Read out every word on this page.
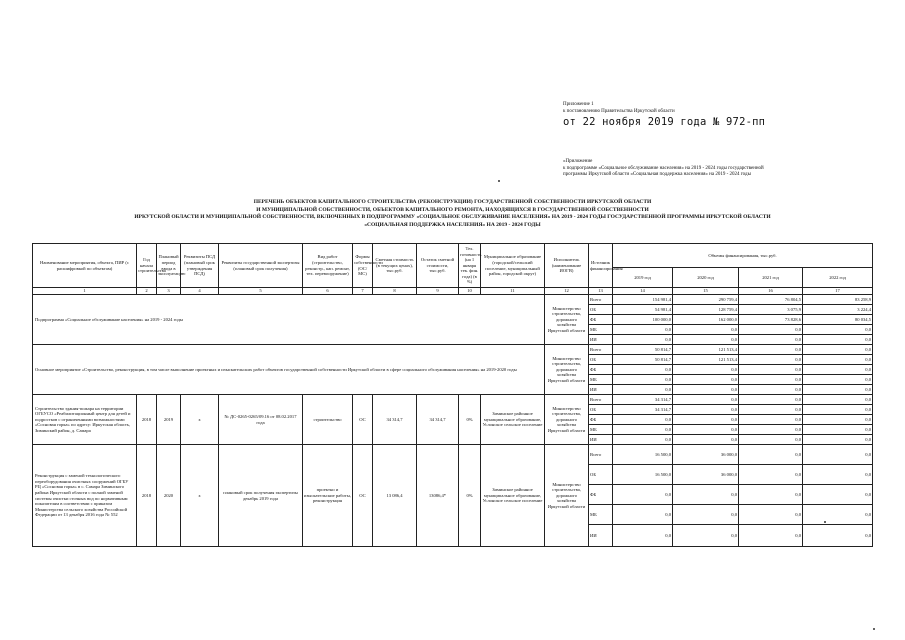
Приложение 1
к постановлению Правительства Иркутской области
от 22 ноября 2019 года № 972-пп
«Приложение
к подпрограмме «Социальное обслуживание населения» на 2019 - 2024 годы государственной
программы Иркутской области «Социальная поддержка населения» на 2019 - 2024 годы
ПЕРЕЧЕНЬ ОБЪЕКТОВ КАПИТАЛЬНОГО СТРОИТЕЛЬСТВА (РЕКОНСТРУКЦИИ) ГОСУДАРСТВЕННОЙ СОБСТВЕННОСТИ ИРКУТСКОЙ ОБЛАСТИ
И МУНИЦИПАЛЬНОЙ СОБСТВЕННОСТИ, ОБЪЕКТОВ КАПИТАЛЬНОГО РЕМОНТА, НАХОДЯЩИХСЯ В ГОСУДАРСТВЕННОЙ СОБСТВЕННОСТИ
ИРКУТСКОЙ ОБЛАСТИ И МУНИЦИПАЛЬНОЙ СОБСТВЕННОСТИ, ВКЛЮЧЕННЫХ В ПОДПРОГРАММУ «СОЦИАЛЬНОЕ ОБСЛУЖИВАНИЕ НАСЕЛЕНИЯ» НА 2019 - 2024 ГОДЫ ГОСУДАРСТВЕННОЙ ПРОГРАММЫ ИРКУТСКОЙ ОБЛАСТИ
«СОЦИАЛЬНАЯ ПОДДЕРЖКА НАСЕЛЕНИЯ» НА 2019 - 2024 ГОДЫ
Наименование мероприятия, объекта, ПИР (с расшифровкой по объектам)	Год начала строительства	Плановый период ввода в эксплуатацию	Реквизиты ПСД (плановый срок утверждения ПСД)	Реквизиты государственной экспертизы (плановый срок получения)	Вид работ (строительство, реконстр., кап. ремонт, тех. перевооружение)	Формы собственности (ОС/МС)	Сметная стоимость (в текущих ценах), тыс.руб.	Остаток сметной стоимости, тыс.руб.	Тех. готовность (на 1 января тек. фин. года) (в %)	Муниципальное образование (городской/сельский поселение, муниципальный район, городской округ)	Исполнитель (наименование ИОГВ)	Источник финансирования	Объемы финансирования, тыс.руб.			
													2019 год	2020 год	2021 год	2022 год
1	2	3	4	5	6	7	8	9	10	11	12	13	14	15	16	17
Подпрограмма «Социальное обслуживание населения» на 2019 - 2024 годы											Министерство строительства, дорожного хозяйства Иркутской области	Всего	154 981,4	290 759,4	76 804,5	83 258,9
												ОБ	54 981,4	128 759,4	3 075,9	3 224,4
												ФБ	100 000,0	162 000,0	73 828,6	80 034,5
												МБ	0,0	0,0	0,0	0,0
												ИИ	0,0	0,0	0,0	0,0
Основное мероприятие «Строительство, реконструкция, в том числе выполнение проектных и изыскательских работ объектов государственной собственности Иркутской области в сфере социального обслуживания населения» на 2019-2020 годы											Министерство строительства, дорожного хозяйства Иркутской области	Всего	50 814,7	121 513,4	0,0	0,0
												ОБ	50 814,7	121 513,4	0,0	0,0
												ФБ	0,0	0,0	0,0	0,0
												МБ	0,0	0,0	0,0	0,0
												ИИ	0,0	0,0	0,0	0,0
Строительство здания-пожара на территории ОГБУСО «Реабилитационный центр для детей и подростков с ограниченными возможностями «Сосновая горка» по адресу: Иркутская область, Зиминский район, д. Самара	2018	2019	х	№ ДС-0265-0265/09.16 от 08.02.2017 года	строительство	ОС	34 314,7	34 314,7	0%	Зиминское районное муниципальное образование, Услонское сельское поселение	Министерство строительства, дорожного хозяйства Иркутской области	Всего	34 314,7	0,0	0,0	0,0
												ОБ	34 314,7	0,0	0,0	0,0
												ФБ	0,0	0,0	0,0	0,0
												МБ	0,0	0,0	0,0	0,0
												ИИ	0,0	0,0	0,0	0,0
Реконструкция с заменой технологического переоборудования очистных сооружений ОГБУ РЦ «Сосновая горка» в с. Самара Зиминского района Иркутской области с полной заменой системы очистки сточных вод по нормативным показателям в соответствии с приказом Министерства сельского хозяйства Российской Федерации от 13 декабря 2016 года № 552	2018	2020	х	плановый срок получения экспертизы декабрь 2019 года	проектно и изыскательские работы, реконструкция	ОС	13 086,4	13086,4*	0%	Зиминское районное муниципальное образование, Услонское сельское поселение	Министерство строительства, дорожного хозяйства Иркутской области	Всего	16 500,0	36 000,0	0,0	0,0
												ОБ	16 500,0	36 000,0	0,0	0,0
												ФБ	0,0	0,0	0,0	0,0
												МБ	0,0	0,0	0,0	0,0
												ИИ	0,0	0,0	0,0	0,0
